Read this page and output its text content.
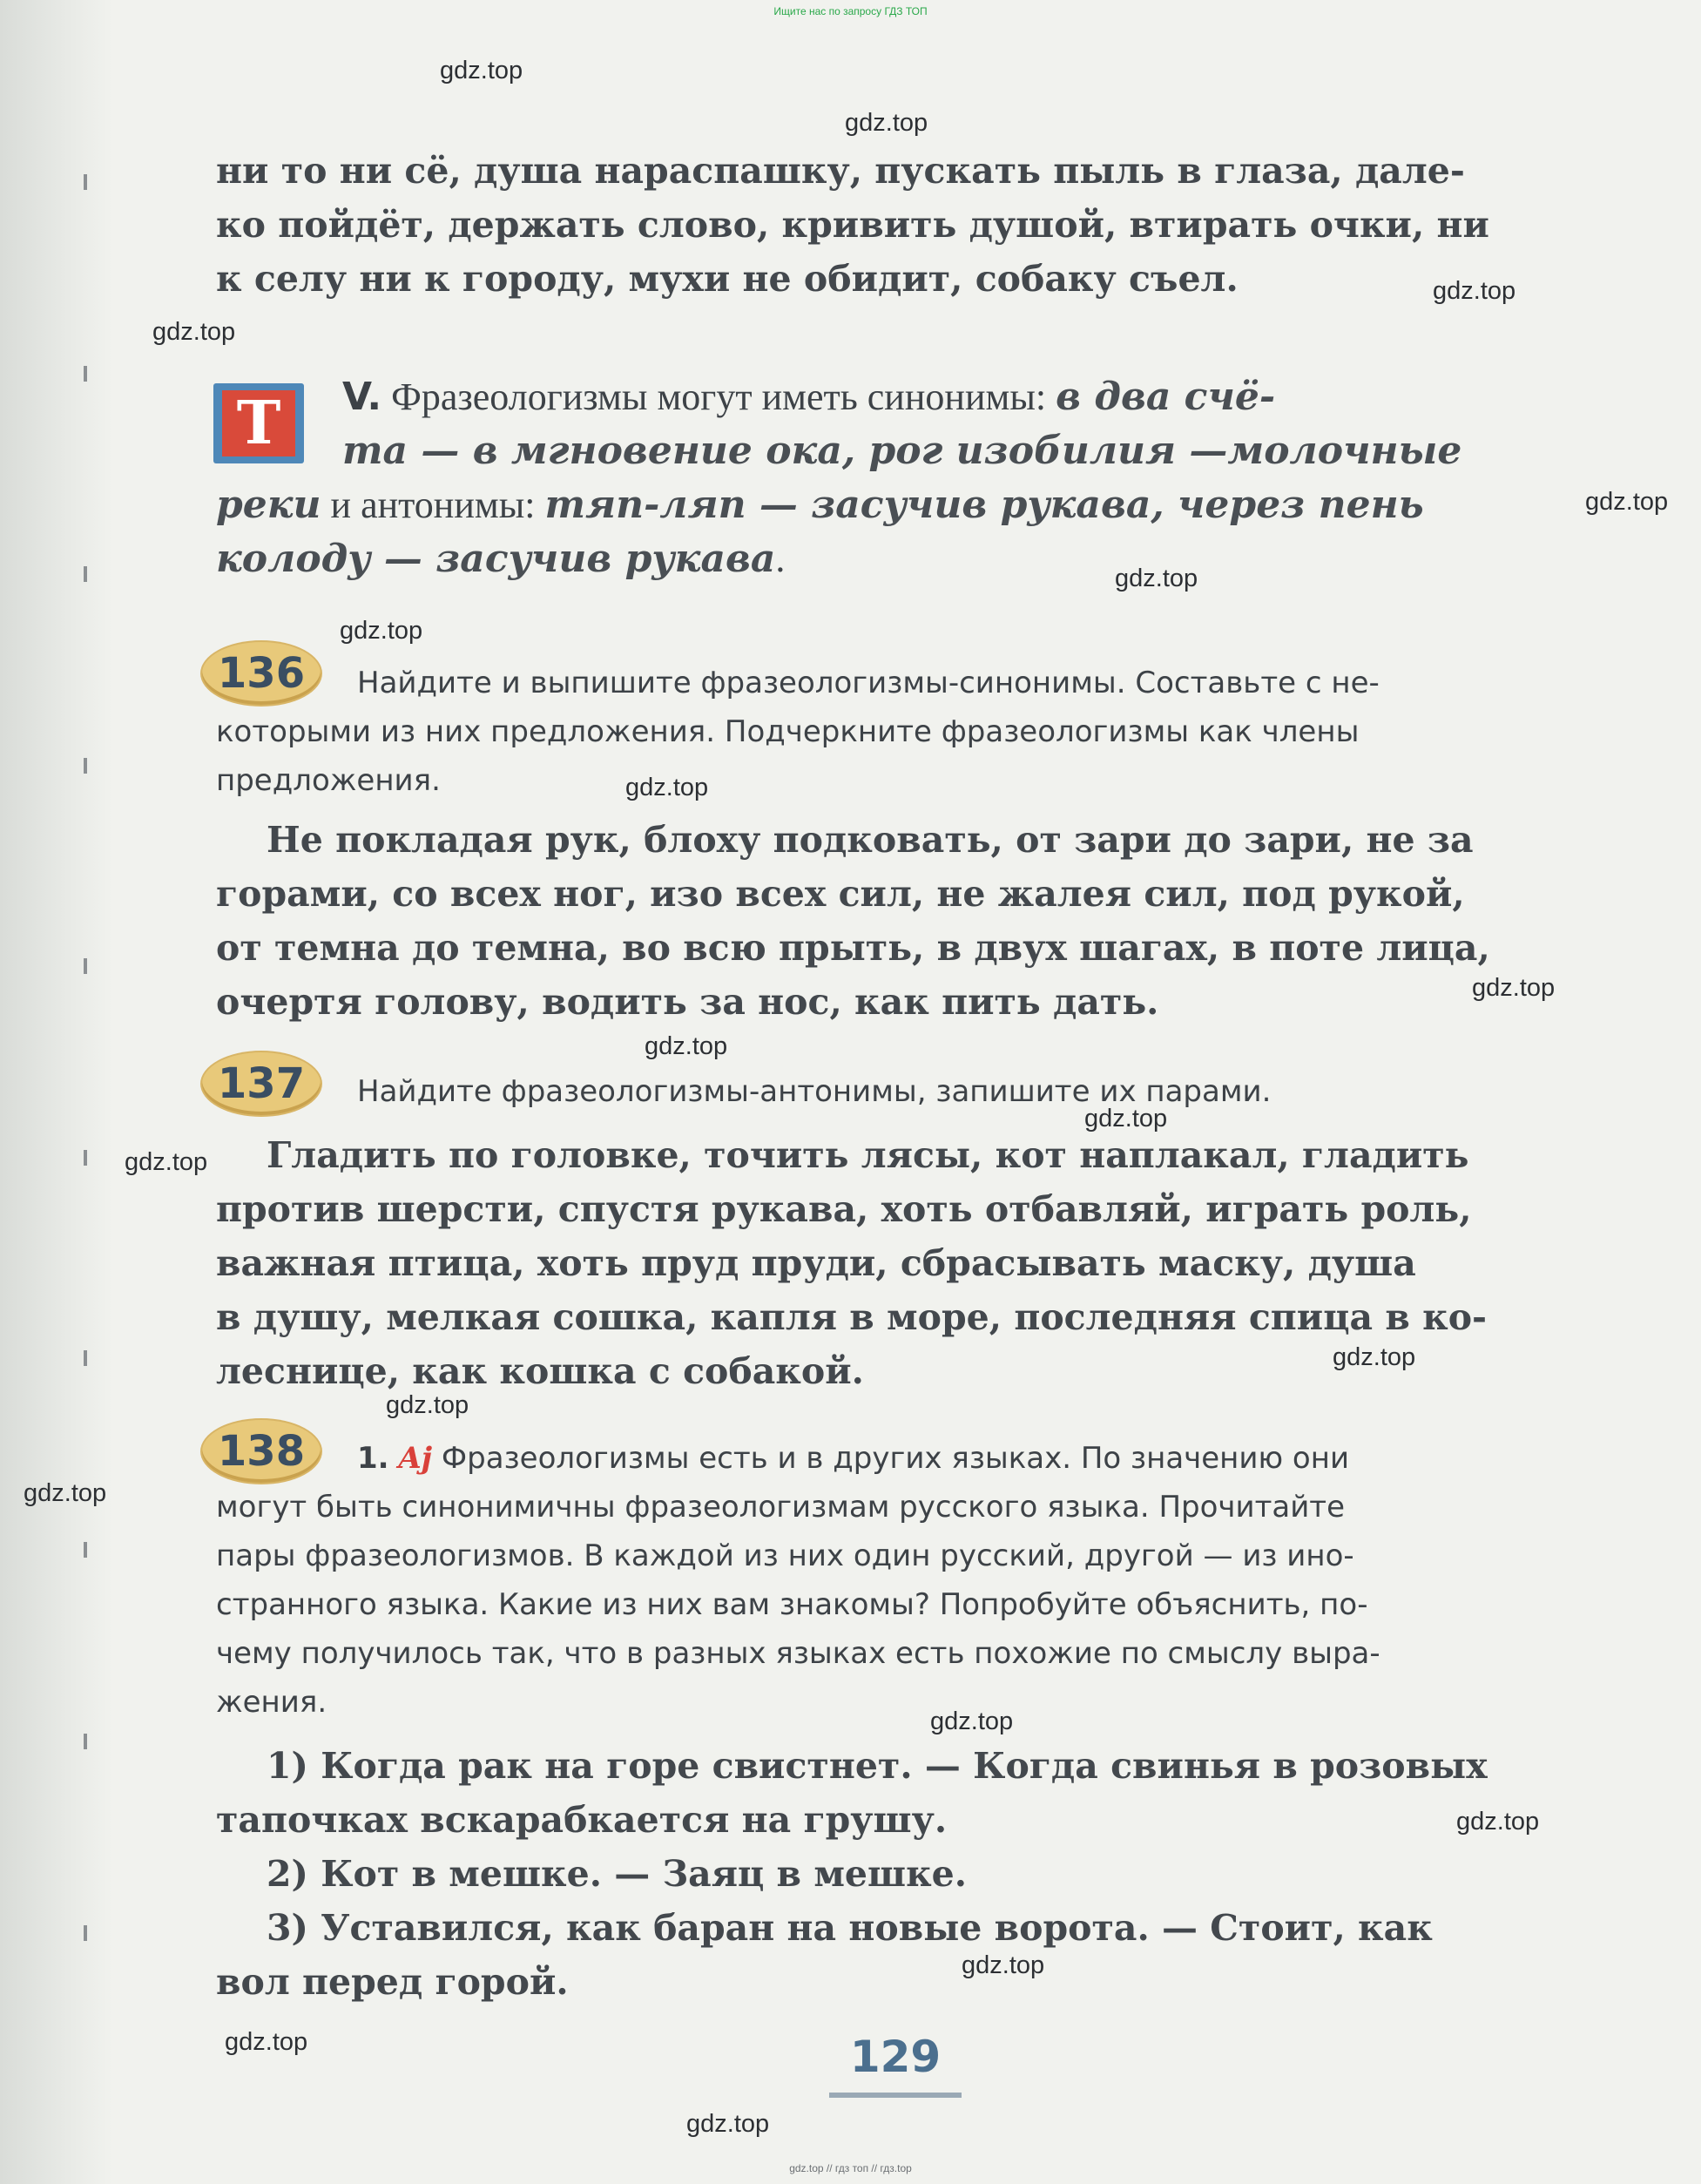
Ищите нас по запросу ГДЗ ТОП
ни то ни сё, душа нараспашку, пускать пыль в глаза, дале-
ко пойдёт, держать слово, кривить душой, втирать очки, ни
к селу ни к городу, мухи не обидит, собаку съел.
Т	V. Фразеологизмы могут иметь синонимы: в два счё-
та — в мгновение ока, рог изобилия —молочные
реки и антонимы: тяп-ляп — засучив рукава, через пень
колоду — засучив рукава.
136	Найдите и выпишите фразеологизмы-синонимы. Составьте с не-
которыми из них предложения. Подчеркните фразеологизмы как члены
предложения.
Не покладая рук, блоху подковать, от зари до зари, не за
горами, со всех ног, изо всех сил, не жалея сил, под рукой,
от темна до темна, во всю прыть, в двух шагах, в поте лица,
очертя голову, водить за нос, как пить дать.
137	Найдите фразеологизмы-антонимы, запишите их парами.
Гладить по головке, точить лясы, кот наплакал, гладить
против шерсти, спустя рукава, хоть отбавляй, играть роль,
важная птица, хоть пруд пруди, сбрасывать маску, душа
в душу, мелкая сошка, капля в море, последняя спица в ко-
леснице, как кошка с собакой.
138	1. Aj Фразеологизмы есть и в других языках. По значению они
могут быть синонимичны фразеологизмам русского языка. Прочитайте
пары фразеологизмов. В каждой из них один русский, другой — из ино-
странного языка. Какие из них вам знакомы? Попробуйте объяснить, по-
чему получилось так, что в разных языках есть похожие по смыслу выра-
жения.
1) Когда рак на горе свистнет. — Когда свинья в розовых
тапочках вскарабкается на грушу.
2) Кот в мешке. — Заяц в мешке.
3) Уставился, как баран на новые ворота. — Стоит, как
вол перед горой.
129
gdz.top
gdz.top
gdz.top
gdz.top
gdz.top
gdz.top
gdz.top
gdz.top
gdz.top
gdz.top
gdz.top
gdz.top
gdz.top
gdz.top
gdz.top
gdz.top
gdz.top
gdz.top
gdz.top
gdz.top
gdz.top // гдз топ // гдз.top
